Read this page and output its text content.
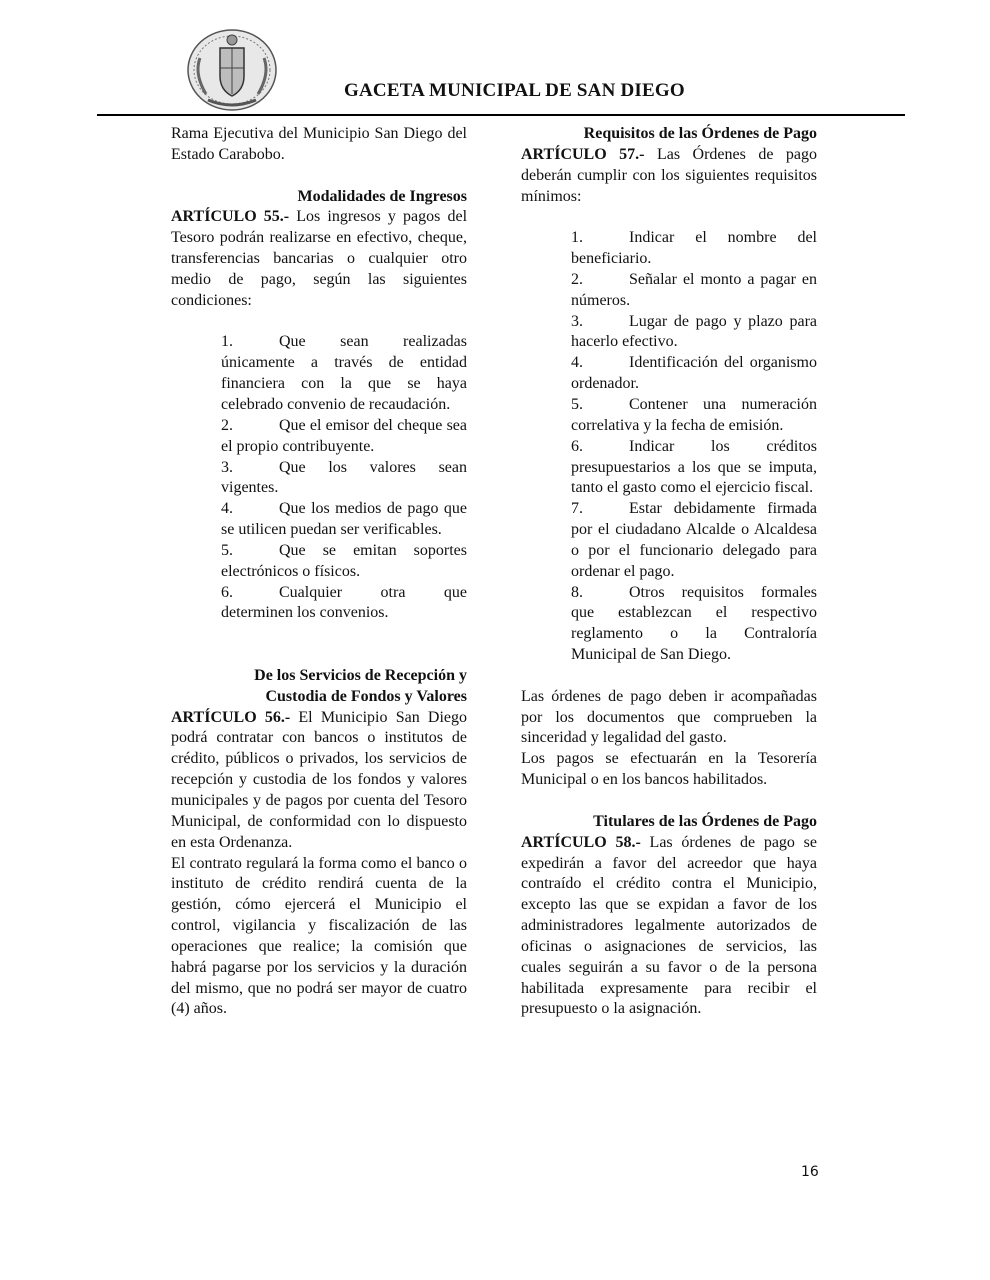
GACETA MUNICIPAL DE SAN DIEGO

Rama Ejecutiva del Municipio San Diego del Estado Carabobo.

Modalidades de Ingresos

ARTÍCULO 55.- Los ingresos y pagos del Tesoro podrán realizarse en efectivo, cheque, transferencias bancarias o cualquier otro medio de pago, según las siguientes condiciones:

1.	Que sean realizadas únicamente a través de entidad financiera con la que se haya celebrado convenio de recaudación.
2.	Que el emisor del cheque sea el propio contribuyente.
3.	Que los valores sean vigentes.
4.	Que los medios de pago que se utilicen puedan ser verificables.
5.	Que se emitan soportes electrónicos o físicos.
6.	Cualquier otra que determinen los convenios.

De los Servicios de Recepción y

Custodia de Fondos y Valores

ARTÍCULO 56.- El Municipio San Diego podrá contratar con bancos o institutos de crédito, públicos o privados, los servicios de recepción y custodia de los fondos y valores municipales y de pagos por cuenta del Tesoro Municipal, de conformidad con lo dispuesto en esta Ordenanza.

El contrato regulará la forma como el banco o instituto de crédito rendirá cuenta de la gestión, cómo ejercerá el Municipio el control, vigilancia y fiscalización de las operaciones que realice; la comisión que habrá pagarse por los servicios y la duración del mismo, que no podrá ser mayor de cuatro (4) años.

Requisitos de las Órdenes de Pago

ARTÍCULO 57.- Las Órdenes de pago deberán cumplir con los siguientes requisitos mínimos:

1.	Indicar el nombre del beneficiario.
2.	Señalar el monto a pagar en números.
3.	Lugar de pago y plazo para hacerlo efectivo.
4.	Identificación del organismo ordenador.
5.	Contener una numeración correlativa y la fecha de emisión.
6.	Indicar los créditos presupuestarios a los que se imputa, tanto el gasto como el ejercicio fiscal.
7.	Estar debidamente firmada por el ciudadano Alcalde o Alcaldesa o por el funcionario delegado para ordenar el pago.
8.	Otros requisitos formales que establezcan el respectivo reglamento o la Contraloría Municipal de San Diego.

Las órdenes de pago deben ir acompañadas por los documentos que comprueben la sinceridad y legalidad del gasto.

Los pagos se efectuarán en la Tesorería Municipal o en los bancos habilitados.

Titulares de las Órdenes de Pago

ARTÍCULO 58.- Las órdenes de pago se expedirán a favor del acreedor que haya contraído el crédito contra el Municipio, excepto las que se expidan a favor de los administradores legalmente autorizados de oficinas o asignaciones de servicios, las cuales seguirán a su favor o de la persona habilitada expresamente para recibir el presupuesto o la asignación.

16
